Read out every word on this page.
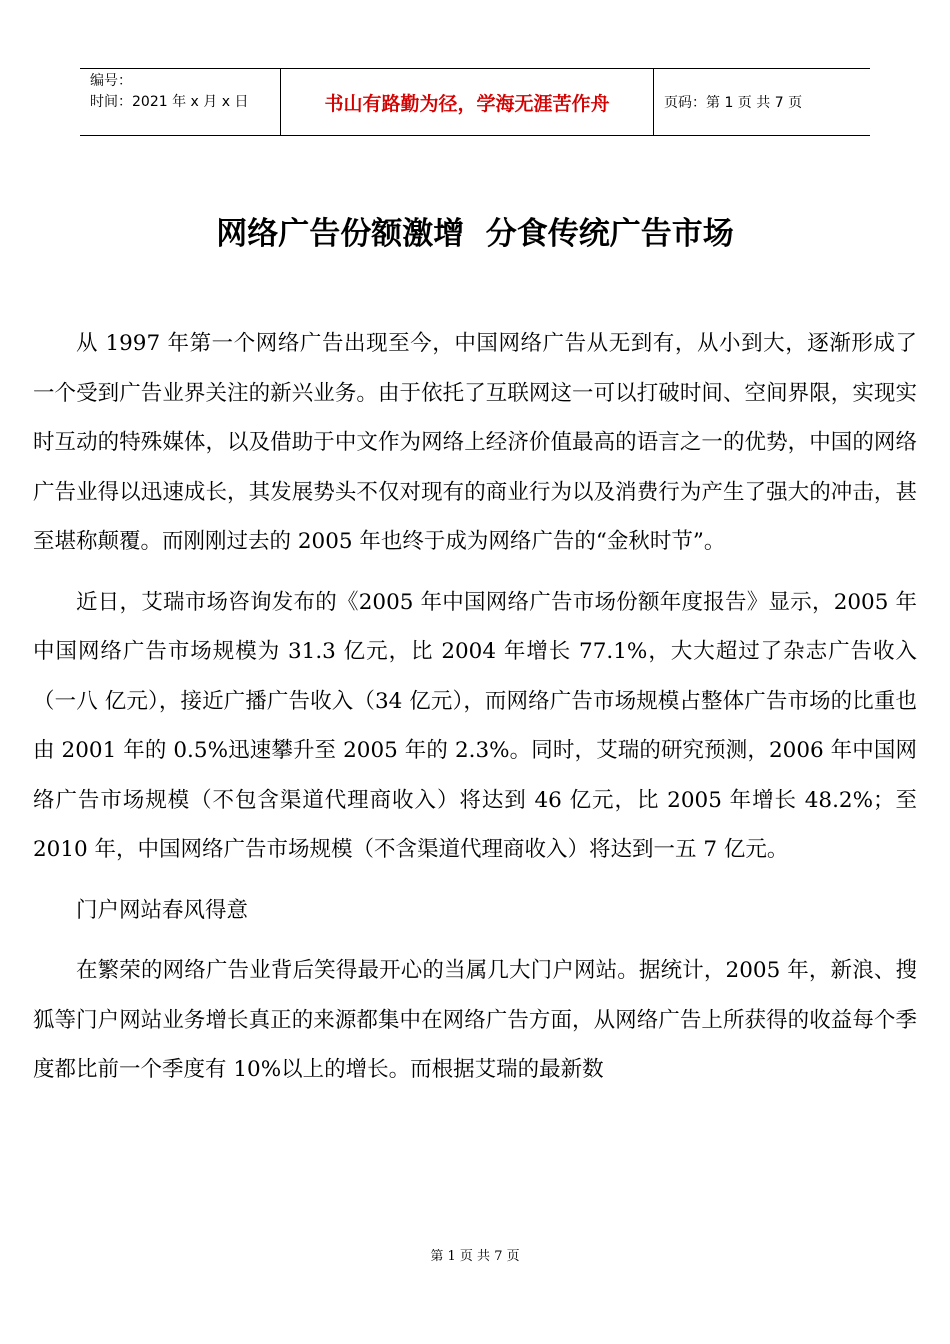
编号：
时间：2021 年 x 月 x 日	书山有路勤为径，学海无涯苦作舟	页码：第 1 页 共 7 页
网络广告份额激增  分食传统广告市场

从 1997 年第一个网络广告出现至今，中国网络广告从无到有，从小到大，逐渐形成了一个受到广告业界关注的新兴业务。由于依托了互联网这一可以打破时间、空间界限，实现实时互动的特殊媒体，以及借助于中文作为网络上经济价值最高的语言之一的优势，中国的网络广告业得以迅速成长，其发展势头不仅对现有的商业行为以及消费行为产生了强大的冲击，甚至堪称颠覆。而刚刚过去的 2005 年也终于成为网络广告的“金秋时节”。

近日，艾瑞市场咨询发布的《2005 年中国网络广告市场份额年度报告》显示，2005 年中国网络广告市场规模为 31.3 亿元，比 2004 年增长 77.1%，大大超过了杂志广告收入（一八 亿元），接近广播广告收入（34 亿元），而网络广告市场规模占整体广告市场的比重也由 2001 年的 0.5%迅速攀升至 2005 年的 2.3%。同时，艾瑞的研究预测，2006 年中国网络广告市场规模（不包含渠道代理商收入）将达到 46 亿元，比 2005 年增长 48.2%；至 2010 年，中国网络广告市场规模（不含渠道代理商收入）将达到一五 7 亿元。

门户网站春风得意

在繁荣的网络广告业背后笑得最开心的当属几大门户网站。据统计，2005 年，新浪、搜狐等门户网站业务增长真正的来源都集中在网络广告方面，从网络广告上所获得的收益每个季度都比前一个季度有 10%以上的增长。而根据艾瑞的最新数

第 1 页 共 7 页
